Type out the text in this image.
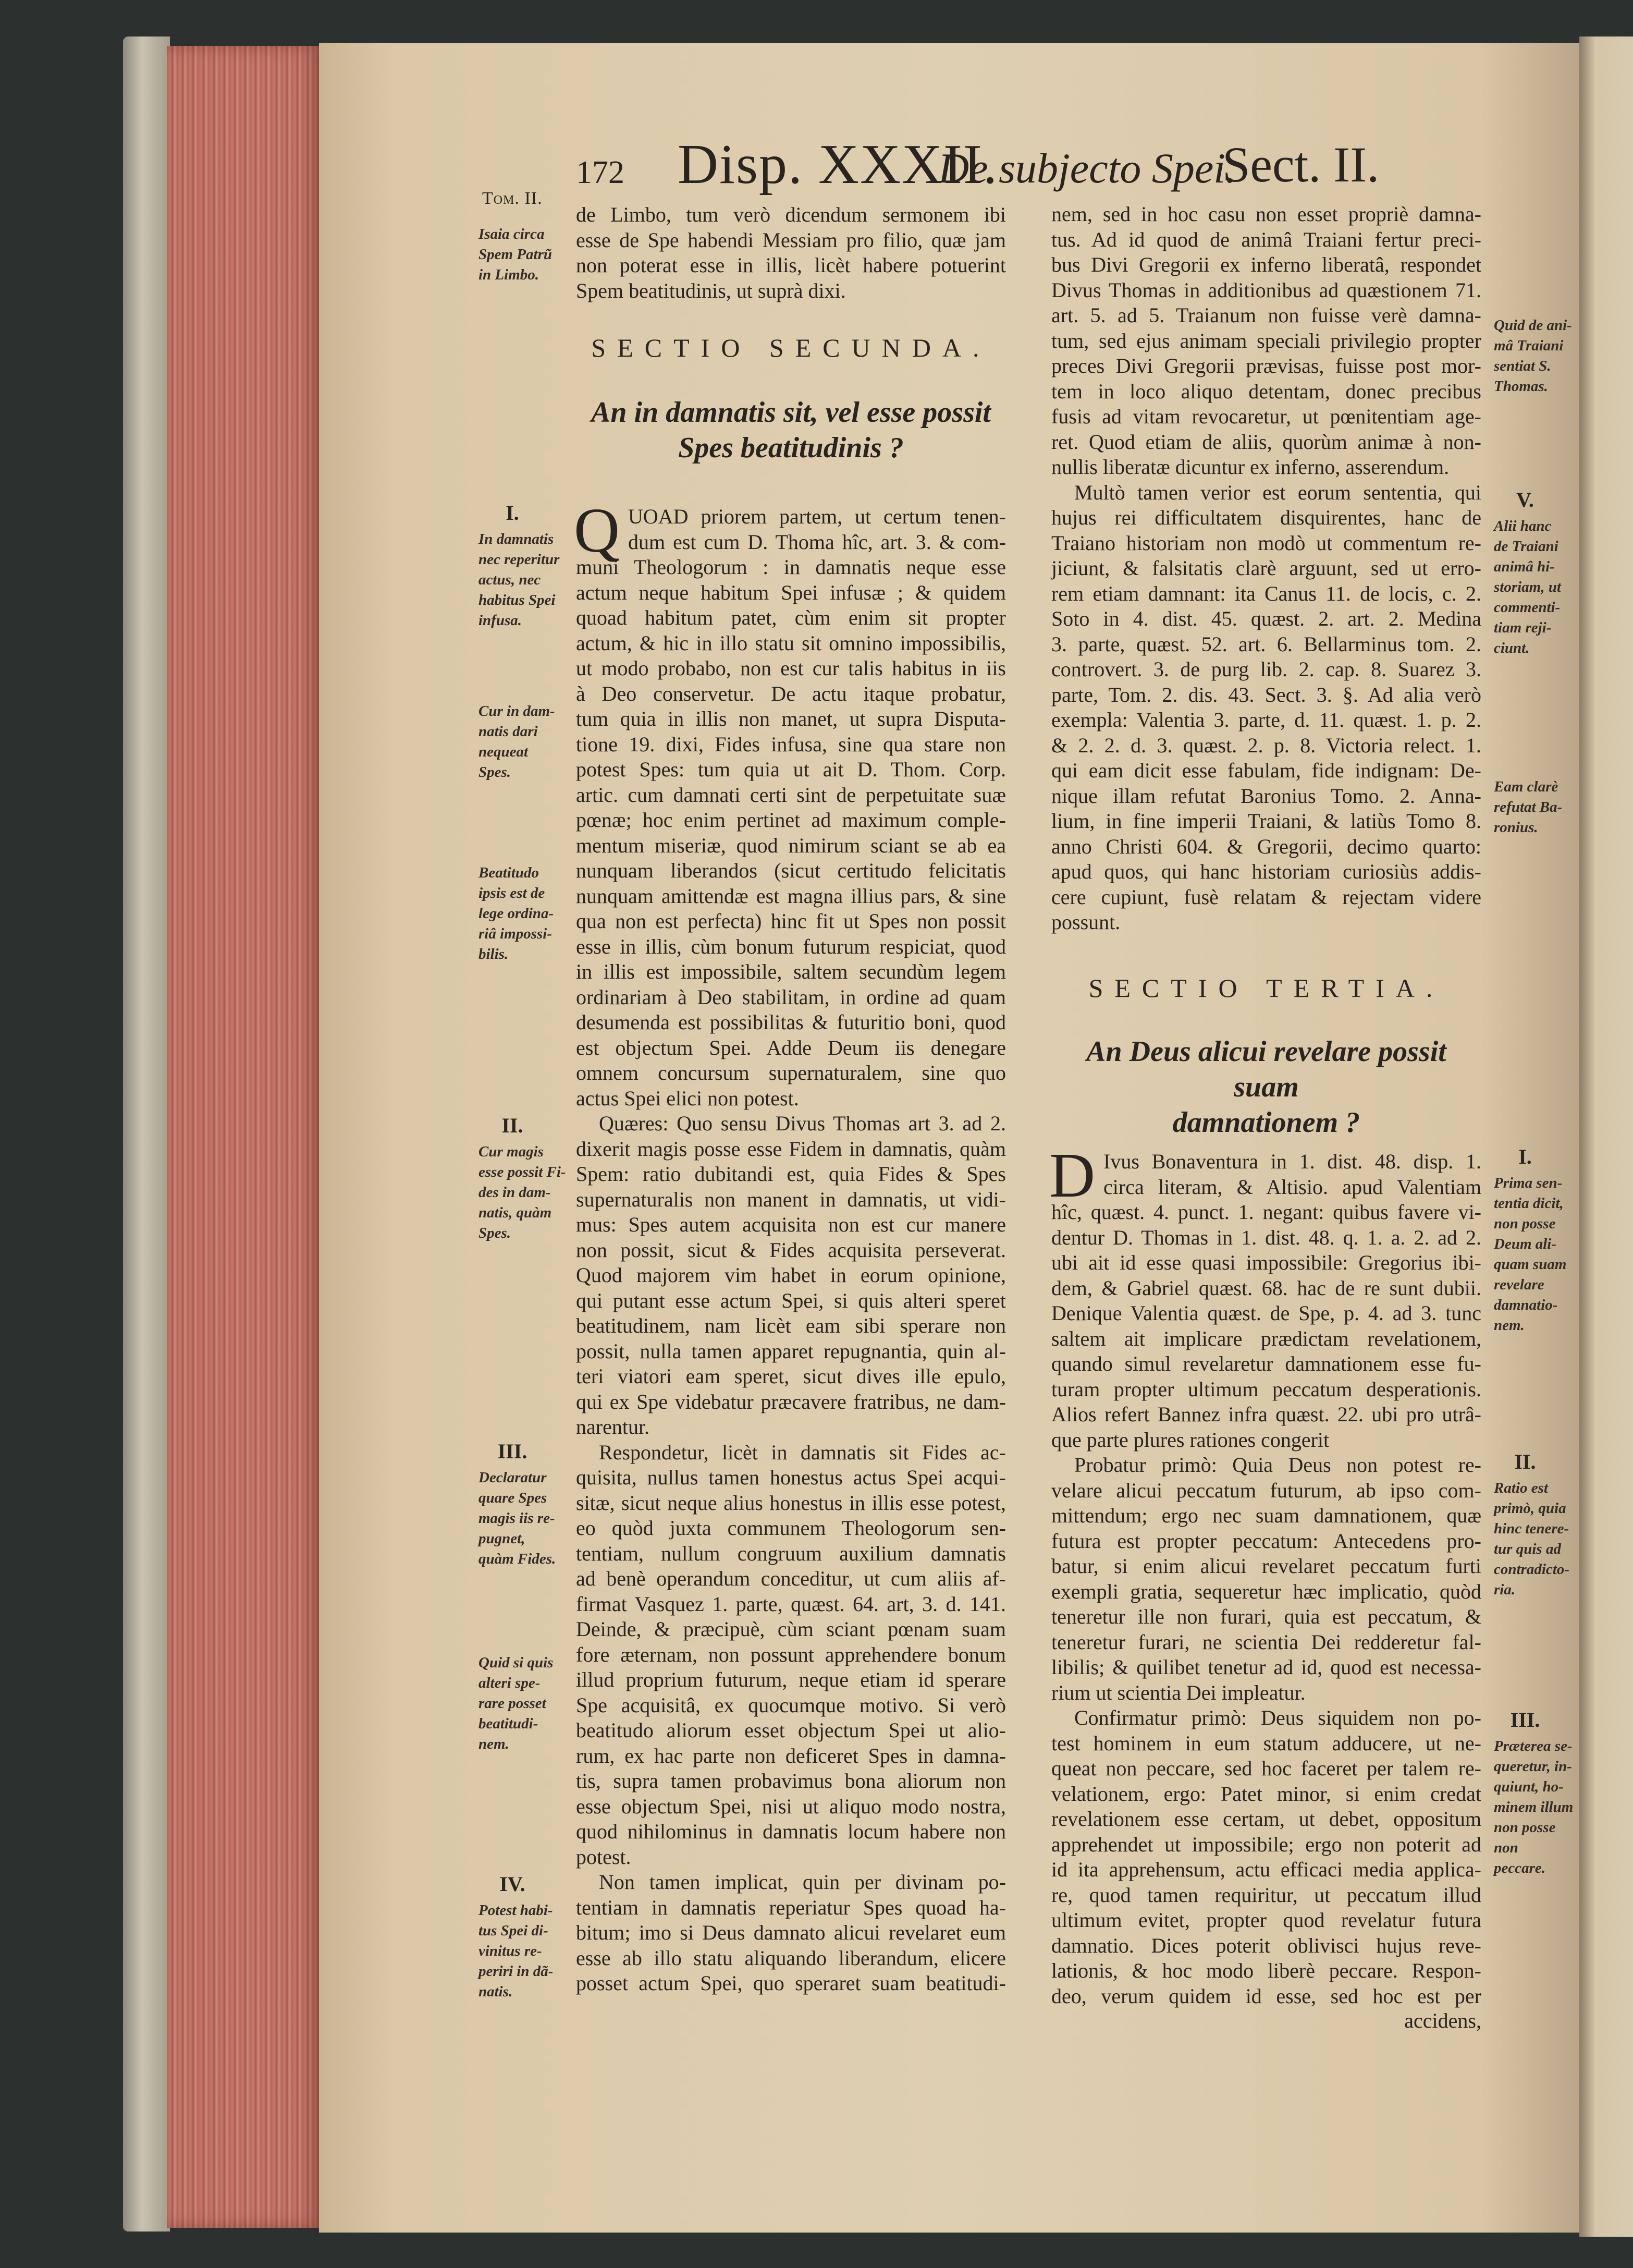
172 Disp. XXXII.
De subjecto Spei.
Sect. II.
Tom. II.
de Limbo, tum verò dicendum sermonem ibi
esse de Spe habendi Messiam pro filio, quæ jam
non poterat esse in illis, licèt habere potuerint
Spem beatitudinis, ut suprà dixi.
SECTIO SECUNDA.
An in damnatis sit, vel esse possit
Spes beatitudinis ?
Q UOAD priorem partem, ut certum tenen-
dum est cum D. Thoma hîc, art. 3. & com-
muni Theologorum : in damnatis neque esse
actum neque habitum Spei infusæ ; & quidem
quoad habitum patet, cùm enim sit propter
actum, & hic in illo statu sit omnino impossibilis,
ut modo probabo, non est cur talis habitus in iis
à Deo conservetur. De actu itaque probatur,
tum quia in illis non manet, ut supra Disputa-
tione 19. dixi, Fides infusa, sine qua stare non
potest Spes: tum quia ut ait D. Thom. Corp.
artic. cum damnati certi sint de perpetuitate suæ
pœnæ; hoc enim pertinet ad maximum comple-
mentum miseriæ, quod nimirum sciant se ab ea
nunquam liberandos (sicut certitudo felicitatis
nunquam amittendæ est magna illius pars, & sine
qua non est perfecta) hinc fit ut Spes non possit
esse in illis, cùm bonum futurum respiciat, quod
in illis est impossibile, saltem secundùm legem
ordinariam à Deo stabilitam, in ordine ad quam
desumenda est possibilitas & futuritio boni, quod
est objectum Spei. Adde Deum iis denegare
omnem concursum supernaturalem, sine quo
actus Spei elici non potest.
Quæres: Quo sensu Divus Thomas art 3. ad 2.
dixerit magis posse esse Fidem in damnatis, quàm
Spem: ratio dubitandi est, quia Fides & Spes
supernaturalis non manent in damnatis, ut vidi-
mus: Spes autem acquisita non est cur manere
non possit, sicut & Fides acquisita perseverat.
Quod majorem vim habet in eorum opinione,
qui putant esse actum Spei, si quis alteri speret
beatitudinem, nam licèt eam sibi sperare non
possit, nulla tamen apparet repugnantia, quin al-
teri viatori eam speret, sicut dives ille epulo,
qui ex Spe videbatur præcavere fratribus, ne dam-
narentur.
Respondetur, licèt in damnatis sit Fides ac-
quisita, nullus tamen honestus actus Spei acqui-
sitæ, sicut neque alius honestus in illis esse potest,
eo quòd juxta communem Theologorum sen-
tentiam, nullum congruum auxilium damnatis
ad benè operandum conceditur, ut cum aliis af-
firmat Vasquez 1. parte, quæst. 64. art, 3. d. 141.
Deinde, & præcipuè, cùm sciant pœnam suam
fore æternam, non possunt apprehendere bonum
illud proprium futurum, neque etiam id sperare
Spe acquisitâ, ex quocumque motivo. Si verò
beatitudo aliorum esset objectum Spei ut alio-
rum, ex hac parte non deficeret Spes in damna-
tis, supra tamen probavimus bona aliorum non
esse objectum Spei, nisi ut aliquo modo nostra,
quod nihilominus in damnatis locum habere non
potest.
Non tamen implicat, quin per divinam po-
tentiam in damnatis reperiatur Spes quoad ha-
bitum; imo si Deus damnato alicui revelaret eum
esse ab illo statu aliquando liberandum, elicere
posset actum Spei, quo speraret suam beatitudi-
nem, sed in hoc casu non esset propriè damna-
tus. Ad id quod de animâ Traiani fertur preci-
bus Divi Gregorii ex inferno liberatâ, respondet
Divus Thomas in additionibus ad quæstionem 71.
art. 5. ad 5. Traianum non fuisse verè damna-
tum, sed ejus animam speciali privilegio propter
preces Divi Gregorii prævisas, fuisse post mor-
tem in loco aliquo detentam, donec precibus
fusis ad vitam revocaretur, ut pœnitentiam age-
ret. Quod etiam de aliis, quorùm animæ à non-
nullis liberatæ dicuntur ex inferno, asserendum.
Multò tamen verior est eorum sententia, qui
hujus rei difficultatem disquirentes, hanc de
Traiano historiam non modò ut commentum re-
jiciunt, & falsitatis clarè arguunt, sed ut erro-
rem etiam damnant: ita Canus 11. de locis, c. 2.
Soto in 4. dist. 45. quæst. 2. art. 2. Medina
3. parte, quæst. 52. art. 6. Bellarminus tom. 2.
controvert. 3. de purg lib. 2. cap. 8. Suarez 3.
parte, Tom. 2. dis. 43. Sect. 3. §. Ad alia verò
exempla: Valentia 3. parte, d. 11. quæst. 1. p. 2.
& 2. 2. d. 3. quæst. 2. p. 8. Victoria relect. 1.
qui eam dicit esse fabulam, fide indignam: De-
nique illam refutat Baronius Tomo. 2. Anna-
lium, in fine imperii Traiani, & latiùs Tomo 8.
anno Christi 604. & Gregorii, decimo quarto:
apud quos, qui hanc historiam curiosiùs addis-
cere cupiunt, fusè relatam & rejectam videre
possunt.
SECTIO TERTIA.
An Deus alicui revelare possit suam
damnationem ?
D Ivus Bonaventura in 1. dist. 48. disp. 1.
circa literam, & Altisio. apud Valentiam
hîc, quæst. 4. punct. 1. negant: quibus favere vi-
dentur D. Thomas in 1. dist. 48. q. 1. a. 2. ad 2.
ubi ait id esse quasi impossibile: Gregorius ibi-
dem, & Gabriel quæst. 68. hac de re sunt dubii.
Denique Valentia quæst. de Spe, p. 4. ad 3. tunc
saltem ait implicare prædictam revelationem,
quando simul revelaretur damnationem esse fu-
turam propter ultimum peccatum desperationis.
Alios refert Bannez infra quæst. 22. ubi pro utrâ-
que parte plures rationes congerit
Probatur primò: Quia Deus non potest re-
velare alicui peccatum futurum, ab ipso com-
mittendum; ergo nec suam damnationem, quæ
futura est propter peccatum: Antecedens pro-
batur, si enim alicui revelaret peccatum furti
exempli gratia, sequeretur hæc implicatio, quòd
teneretur ille non furari, quia est peccatum, &
teneretur furari, ne scientia Dei redderetur fal-
libilis; & quilibet tenetur ad id, quod est necessa-
rium ut scientia Dei impleatur.
Confirmatur primò: Deus siquidem non po-
test hominem in eum statum adducere, ut ne-
queat non peccare, sed hoc faceret per talem re-
velationem, ergo: Patet minor, si enim credat
revelationem esse certam, ut debet, oppositum
apprehendet ut impossibile; ergo non poterit ad
id ita apprehensum, actu efficaci media applica-
re, quod tamen requiritur, ut peccatum illud
ultimum evitet, propter quod revelatur futura
damnatio. Dices poterit oblivisci hujus reve-
lationis, & hoc modo liberè peccare. Respon-
deo, verum quidem id esse, sed hoc est per
accidens,
Isaia circa
Spem Patrũ
in Limbo.
I.
In damnatis
nec reperitur
actus, nec
habitus Spei
infusa.
Cur in dam-
natis dari
nequeat
Spes.
Beatitudo
ipsis est de
lege ordina-
riâ impossi-
bilis.
II.
Cur magis
esse possit Fi-
des in dam-
natis, quàm
Spes.
III.
Declaratur
quare Spes
magis iis re-
pugnet,
quàm Fides.
Quid si quis
alteri spe-
rare posset
beatitudi-
nem.
IV.
Potest habi-
tus Spei di-
vinitus re-
periri in dã-
natis.
Quid de ani-
mâ Traiani
sentiat S.
Thomas.
V.
Alii hanc
de Traiani
animâ hi-
storiam, ut
commenti-
tiam reji-
ciunt.
Eam clarè
refutat Ba-
ronius.
I.
Prima sen-
tentia dicit,
non posse
Deum ali-
quam suam
revelare
damnatio-
nem.
II.
Ratio est
primò, quia
hinc tenere-
tur quis ad
contradicto-
ria.
III.
Præterea se-
queretur, in-
quiunt, ho-
minem illum
non posse non
peccare.
